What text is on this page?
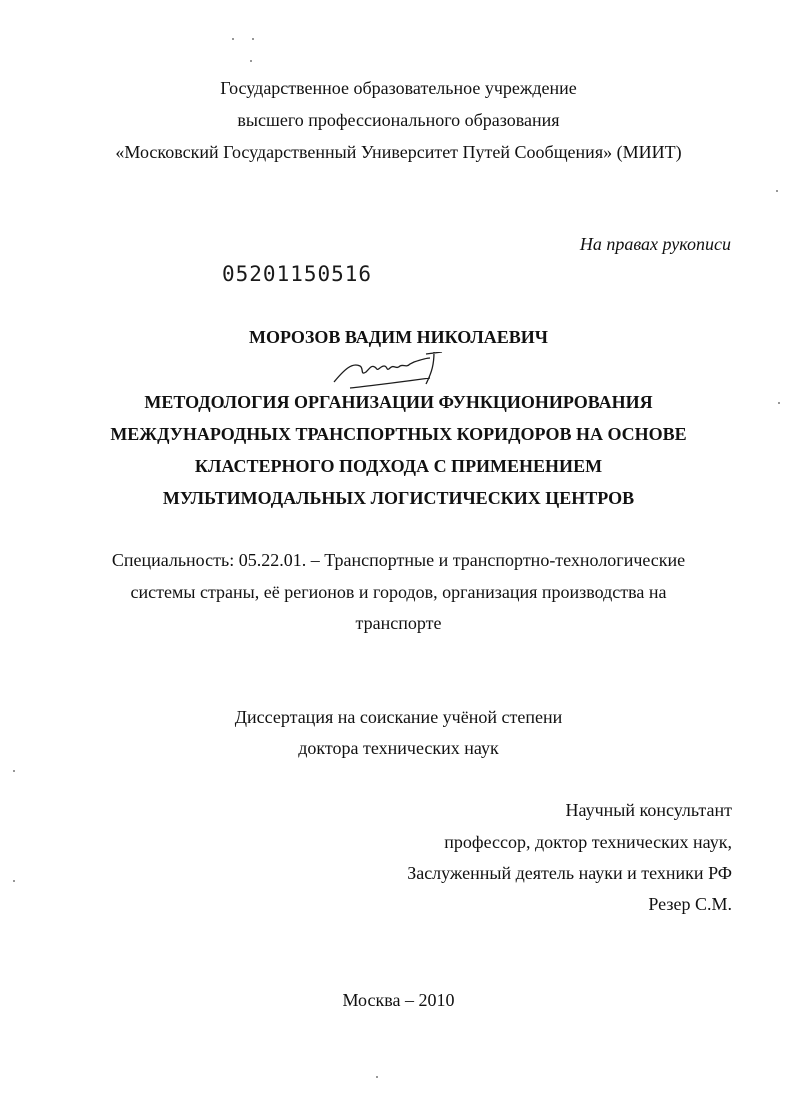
Государственное образовательное учреждение
высшего профессионального образования
«Московский Государственный Университет Путей Сообщения» (МИИТ)
На правах рукописи
05201150516
МОРОЗОВ ВАДИМ НИКОЛАЕВИЧ
МЕТОДОЛОГИЯ ОРГАНИЗАЦИИ ФУНКЦИОНИРОВАНИЯ
МЕЖДУНАРОДНЫХ ТРАНСПОРТНЫХ КОРИДОРОВ НА ОСНОВЕ
КЛАСТЕРНОГО ПОДХОДА С ПРИМЕНЕНИЕМ
МУЛЬТИМОДАЛЬНЫХ ЛОГИСТИЧЕСКИХ ЦЕНТРОВ
Специальность: 05.22.01. – Транспортные и транспортно-технологические
системы страны, её регионов и городов, организация производства на
транспорте
Диссертация на соискание учёной степени
доктора технических наук
Научный консультант
профессор, доктор технических наук,
Заслуженный деятель науки и техники РФ
Резер С.М.
Москва – 2010
